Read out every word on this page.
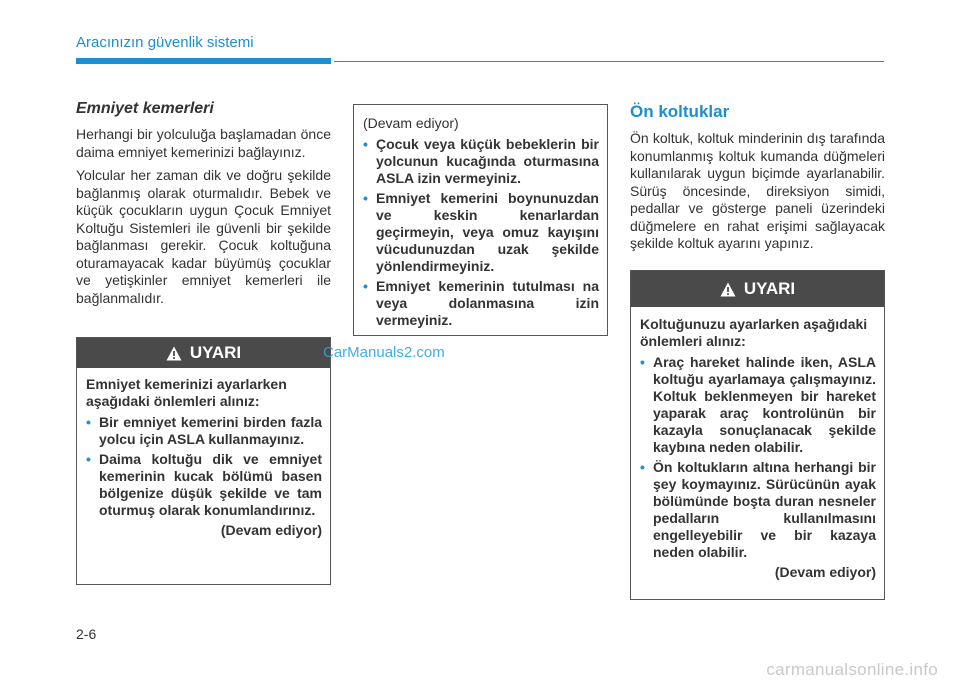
Aracınızın güvenlik sistemi
Emniyet kemerleri

Herhangi bir yolculuğa başlamadan önce daima emniyet kemerinizi bağlayınız.

Yolcular her zaman dik ve doğru şekilde bağlanmış olarak oturmalıdır. Bebek ve küçük çocukların uygun Çocuk Emniyet Koltuğu Sistemleri ile güvenli bir şekilde bağlanması gerekir. Çocuk koltuğuna oturamayacak kadar büyümüş çocuklar ve yetişkinler emniyet kemerleri ile bağlanmalıdır.

UYARI
Emniyet kemerinizi ayarlarken aşağıdaki önlemleri alınız:
• Bir emniyet kemerini birden fazla yolcu için ASLA kullanmayınız.
• Daima koltuğu dik ve emniyet kemerinin kucak bölümü basen bölgenize düşük şekilde ve tam oturmuş olarak konumlandırınız.
(Devam ediyor)
(Devam ediyor)
• Çocuk veya küçük bebeklerin bir yolcunun kucağında oturmasına ASLA izin vermeyiniz.
• Emniyet kemerini boynunuzdan ve keskin kenarlardan geçirmeyin, veya omuz kayışını vücudunuzdan uzak şekilde yönlendirmeyiniz.
• Emniyet kemerinin tutulması na veya dolanmasına izin vermeyiniz.
Ön koltuklar

Ön koltuk, koltuk minderinin dış tarafında konumlanmış koltuk kumanda düğmeleri kullanılarak uygun biçimde ayarlanabilir. Sürüş öncesinde, direksiyon simidi, pedallar ve gösterge paneli üzerindeki düğmelere en rahat erişimi sağlayacak şekilde koltuk ayarını yapınız.

UYARI
Koltuğunuzu ayarlarken aşağıdaki önlemleri alınız:
• Araç hareket halinde iken, ASLA koltuğu ayarlamaya çalışmayınız. Koltuk beklenmeyen bir hareket yaparak araç kontrolünün bir kazayla sonuçlanacak şekilde kaybına neden olabilir.
• Ön koltukların altına herhangi bir şey koymayınız. Sürücünün ayak bölümünde boşta duran nesneler pedalların kullanılmasını engelleyebilir ve bir kazaya neden olabilir.
(Devam ediyor)
CarManuals2.com
2-6
carmanualsonline.info
